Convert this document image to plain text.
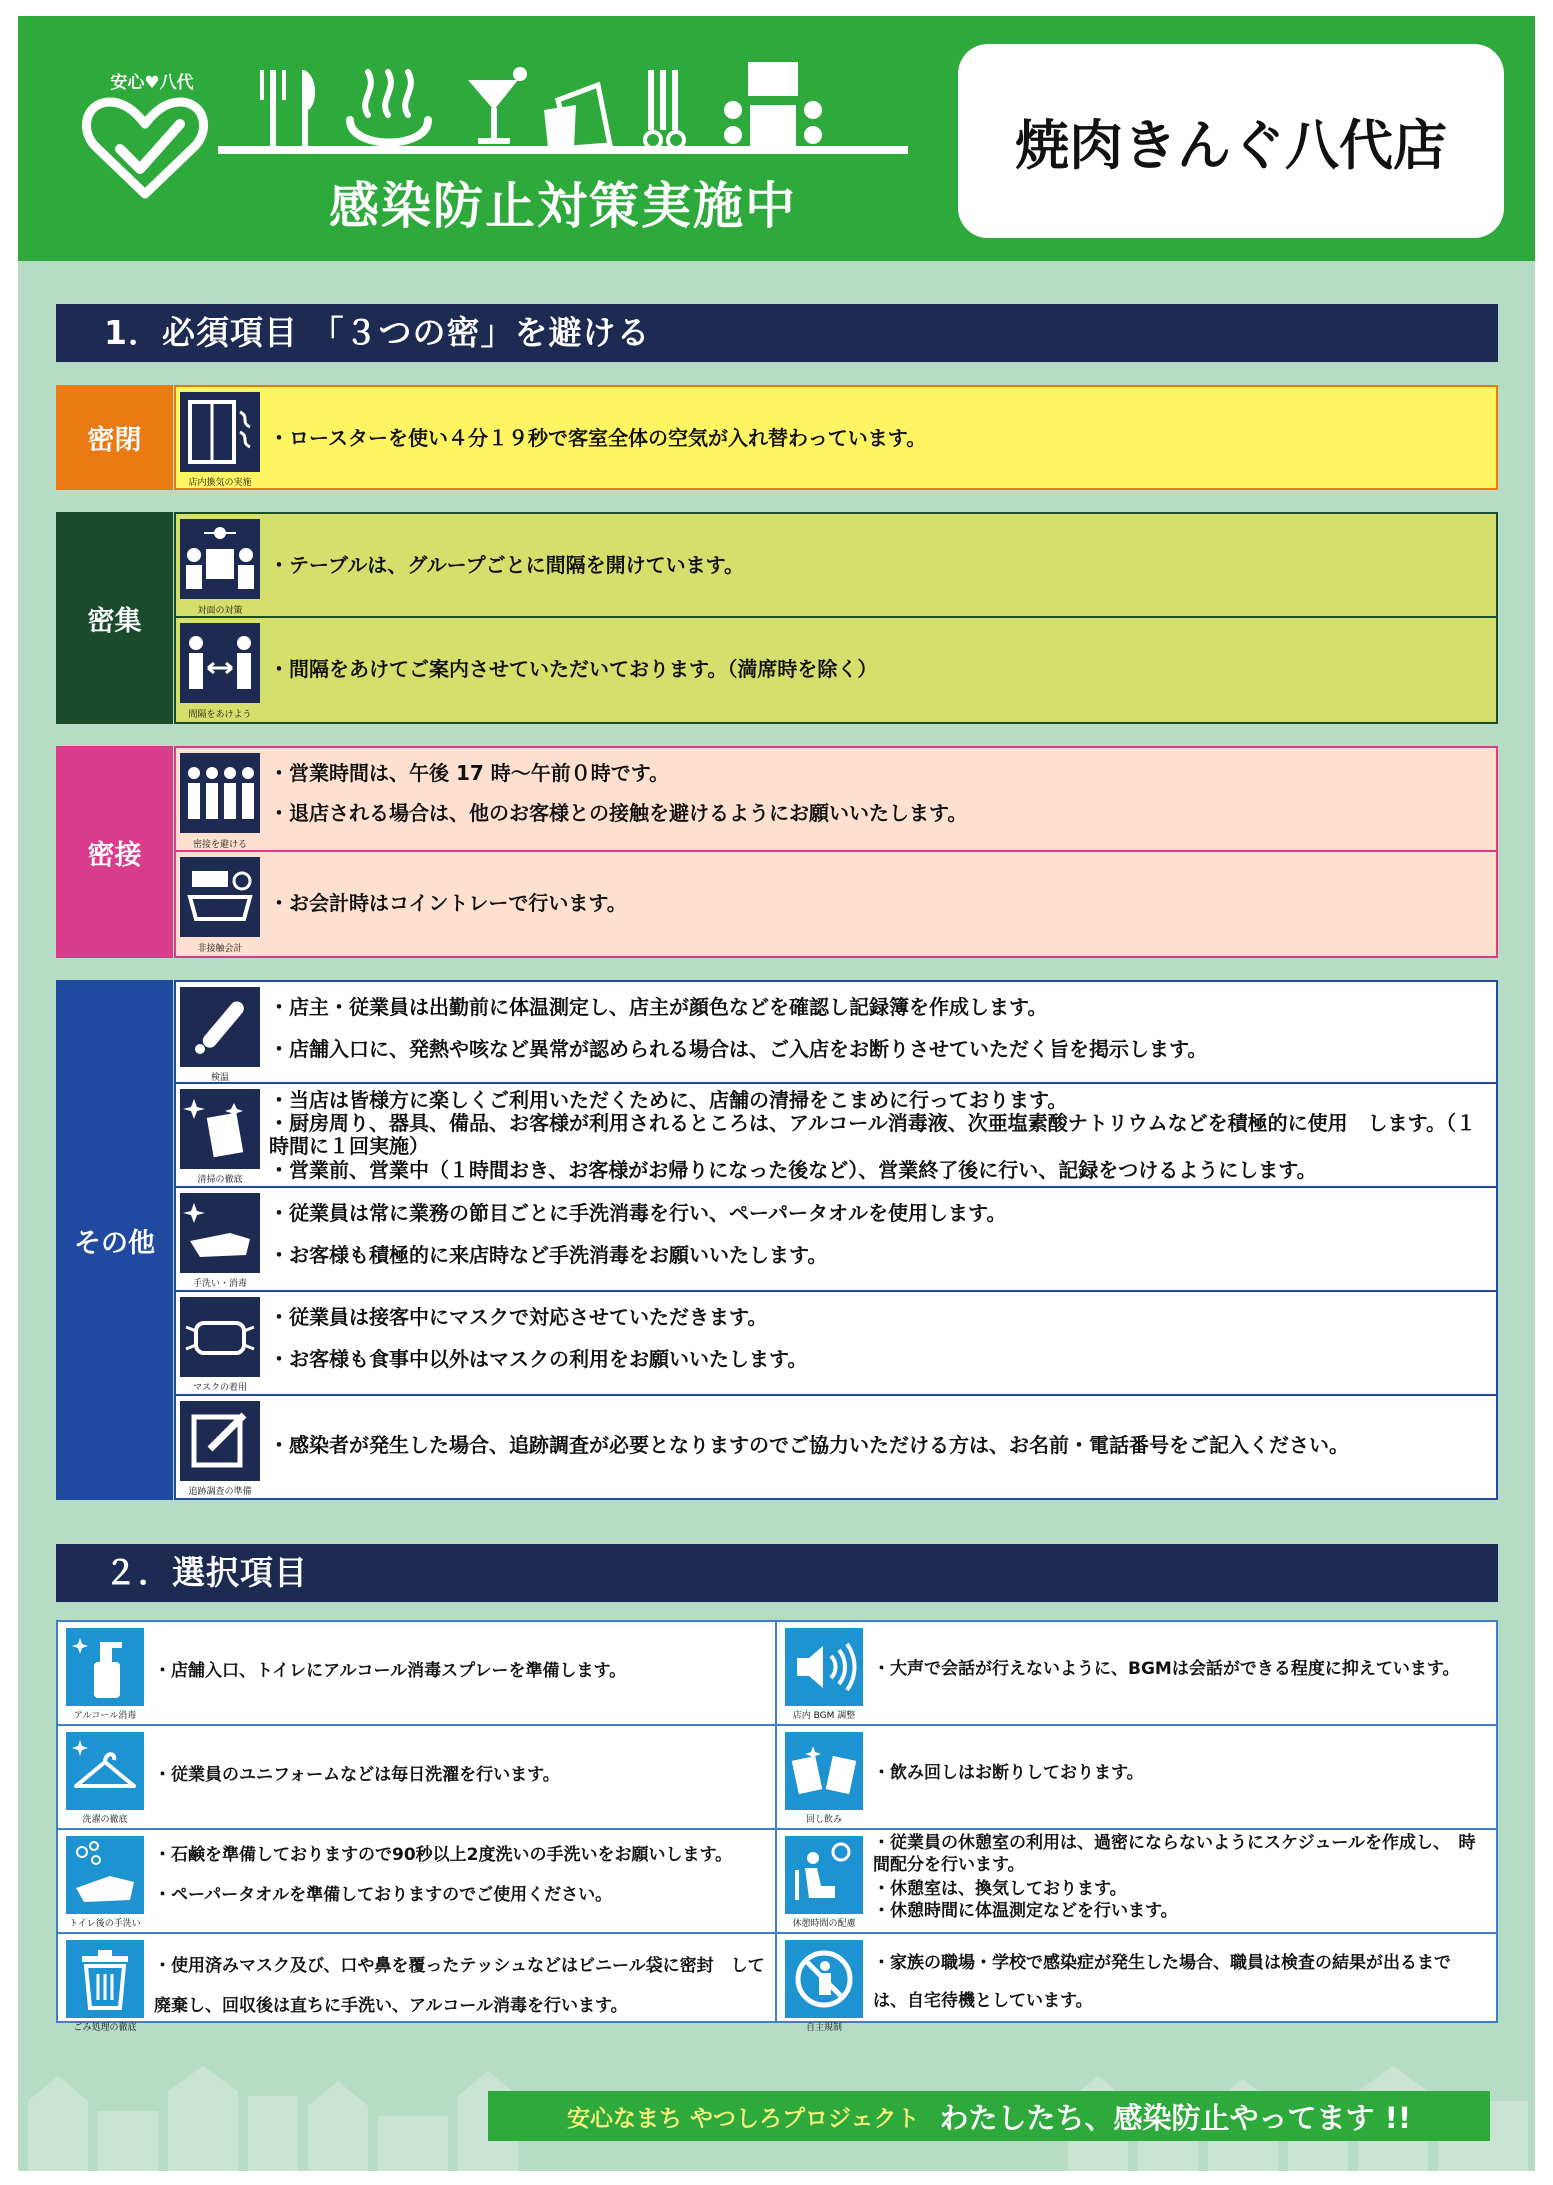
安心♥八代
感染防止対策実施中
焼肉きんぐ八代店
1．必須項目 「３つの密」を避ける
密閉
店内換気の実施
・ロースターを使い４分１９秒で客室全体の空気が入れ替わっています。
密集	対面の対策
・テーブルは、グループごとに間隔を開けています。
間隔をあけよう
・間隔をあけてご案内させていただいております。（満席時を除く）
密接	密接を避ける
・営業時間は、午後 17 時～午前０時です。
・退店される場合は、他のお客様との接触を避けるようにお願いいたします。
非接触会計
・お会計時はコイントレーで行います。
その他
検温
・店主・従業員は出勤前に体温測定し、店主が顔色などを確認し記録簿を作成します。
・店舗入口に、発熱や咳など異常が認められる場合は、ご入店をお断りさせていただく旨を掲示します。
清掃の徹底
・当店は皆様方に楽しくご利用いただくために、店舗の清掃をこまめに行っております。
・厨房周り、器具、備品、お客様が利用されるところは、アルコール消毒液、次亜塩素酸ナトリウムなどを積極的に使用　します。（１時間に１回実施）
・営業前、営業中（１時間おき、お客様がお帰りになった後など）、営業終了後に行い、記録をつけるようにします。
手洗い・消毒
・従業員は常に業務の節目ごとに手洗消毒を行い、ペーパータオルを使用します。
・お客様も積極的に来店時など手洗消毒をお願いいたします。
マスクの着用
・従業員は接客中にマスクで対応させていただきます。
・お客様も食事中以外はマスクの利用をお願いいたします。
追跡調査の準備
・感染者が発生した場合、追跡調査が必要となりますのでご協力いただける方は、お名前・電話番号をご記入ください。
２．選択項目
アルコール消毒
・店舗入口、トイレにアルコール消毒スプレーを準備します。
店内 BGM 調整
・大声で会話が行えないように、BGMは会話ができる程度に抑えています。
洗濯の徹底
・従業員のユニフォームなどは毎日洗濯を行います。
回し飲み
・飲み回しはお断りしております。
トイレ後の手洗い
・石鹸を準備しておりますので90秒以上2度洗いの手洗いをお願いします。
・ペーパータオルを準備しておりますのでご使用ください。
休憩時間の配慮
・従業員の休憩室の利用は、過密にならないようにスケジュールを作成し、　時間配分を行います。
・休憩室は、換気しております。
・休憩時間に体温測定などを行います。
ごみ処理の徹底
・使用済みマスク及び、口や鼻を覆ったテッシュなどはビニール袋に密封　して廃棄し、回収後は直ちに手洗い、アルコール消毒を行います。
自主規制
・家族の職場・学校で感染症が発生した場合、職員は検査の結果が出るまで　は、自宅待機としています。
安心なまち やつしろプロジェクト わたしたち、感染防止やってます !!
